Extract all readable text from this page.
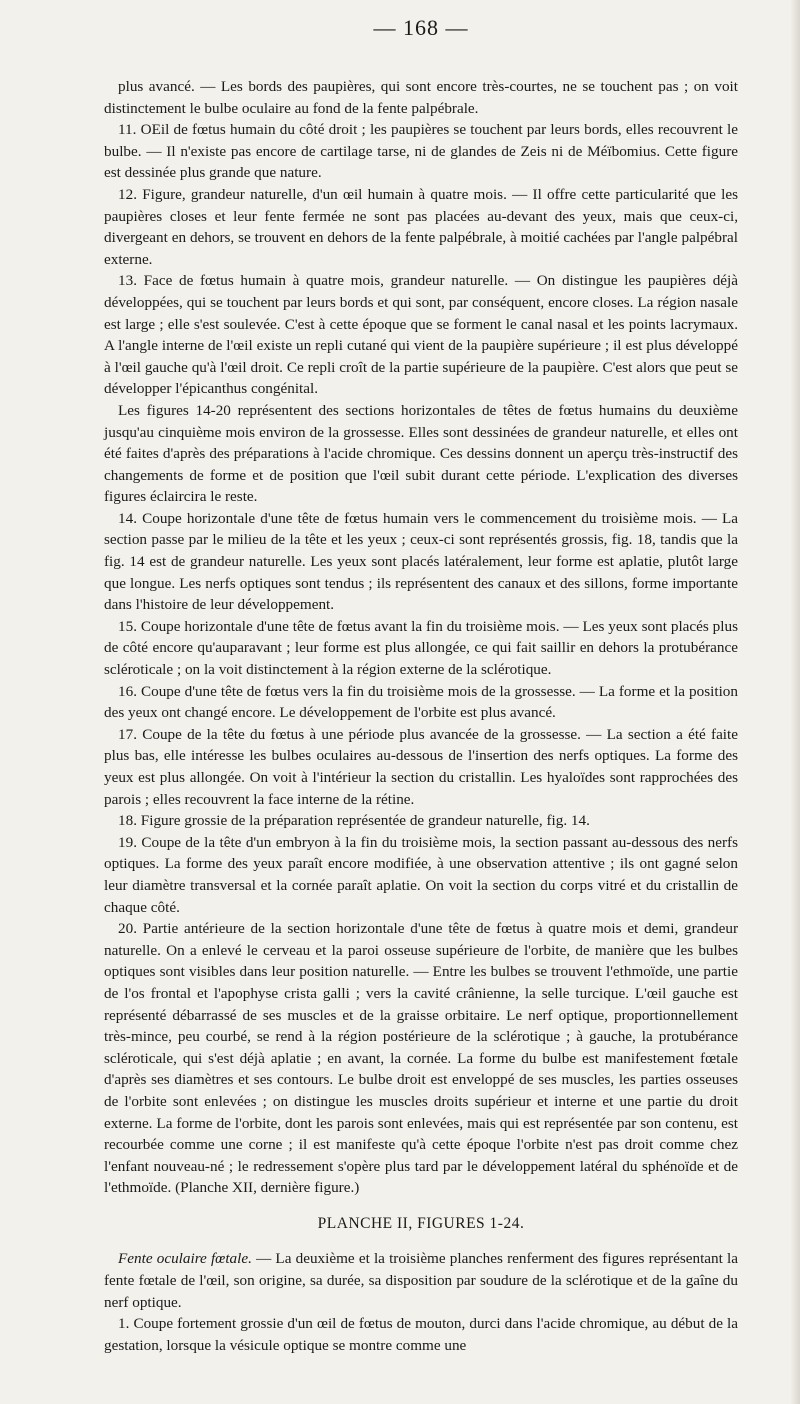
— 168 —

plus avancé. — Les bords des paupières, qui sont encore très-courtes, ne se touchent pas ; on voit distinctement le bulbe oculaire au fond de la fente palpébrale.

11. OEil de fœtus humain du côté droit ; les paupières se touchent par leurs bords, elles recouvrent le bulbe. — Il n'existe pas encore de cartilage tarse, ni de glandes de Zeis ni de Méïbomius. Cette figure est dessinée plus grande que nature.

12. Figure, grandeur naturelle, d'un œil humain à quatre mois. — Il offre cette particularité que les paupières closes et leur fente fermée ne sont pas placées au-devant des yeux, mais que ceux-ci, divergeant en dehors, se trouvent en dehors de la fente palpébrale, à moitié cachées par l'angle palpébral externe.

13. Face de fœtus humain à quatre mois, grandeur naturelle. — On distingue les paupières déjà développées, qui se touchent par leurs bords et qui sont, par conséquent, encore closes. La région nasale est large ; elle s'est soulevée. C'est à cette époque que se forment le canal nasal et les points lacrymaux. A l'angle interne de l'œil existe un repli cutané qui vient de la paupière supérieure ; il est plus développé à l'œil gauche qu'à l'œil droit. Ce repli croît de la partie supérieure de la paupière. C'est alors que peut se développer l'épicanthus congénital.

Les figures 14-20 représentent des sections horizontales de têtes de fœtus humains du deuxième jusqu'au cinquième mois environ de la grossesse. Elles sont dessinées de grandeur naturelle, et elles ont été faites d'après des préparations à l'acide chromique. Ces dessins donnent un aperçu très-instructif des changements de forme et de position que l'œil subit durant cette période. L'explication des diverses figures éclaircira le reste.

14. Coupe horizontale d'une tête de fœtus humain vers le commencement du troisième mois. — La section passe par le milieu de la tête et les yeux ; ceux-ci sont représentés grossis, fig. 18, tandis que la fig. 14 est de grandeur naturelle. Les yeux sont placés latéralement, leur forme est aplatie, plutôt large que longue. Les nerfs optiques sont tendus ; ils représentent des canaux et des sillons, forme importante dans l'histoire de leur développement.

15. Coupe horizontale d'une tête de fœtus avant la fin du troisième mois. — Les yeux sont placés plus de côté encore qu'auparavant ; leur forme est plus allongée, ce qui fait saillir en dehors la protubérance scléroticale ; on la voit distinctement à la région externe de la sclérotique.

16. Coupe d'une tête de fœtus vers la fin du troisième mois de la grossesse. — La forme et la position des yeux ont changé encore. Le développement de l'orbite est plus avancé.

17. Coupe de la tête du fœtus à une période plus avancée de la grossesse. — La section a été faite plus bas, elle intéresse les bulbes oculaires au-dessous de l'insertion des nerfs optiques. La forme des yeux est plus allongée. On voit à l'intérieur la section du cristallin. Les hyaloïdes sont rapprochées des parois ; elles recouvrent la face interne de la rétine.

18. Figure grossie de la préparation représentée de grandeur naturelle, fig. 14.

19. Coupe de la tête d'un embryon à la fin du troisième mois, la section passant au-dessous des nerfs optiques. La forme des yeux paraît encore modifiée, à une observation attentive ; ils ont gagné selon leur diamètre transversal et la cornée paraît aplatie. On voit la section du corps vitré et du cristallin de chaque côté.

20. Partie antérieure de la section horizontale d'une tête de fœtus à quatre mois et demi, grandeur naturelle. On a enlevé le cerveau et la paroi osseuse supérieure de l'orbite, de manière que les bulbes optiques sont visibles dans leur position naturelle. — Entre les bulbes se trouvent l'ethmoïde, une partie de l'os frontal et l'apophyse crista galli ; vers la cavité crânienne, la selle turcique. L'œil gauche est représenté débarrassé de ses muscles et de la graisse orbitaire. Le nerf optique, proportionnellement très-mince, peu courbé, se rend à la région postérieure de la sclérotique ; à gauche, la protubérance scléroticale, qui s'est déjà aplatie ; en avant, la cornée. La forme du bulbe est manifestement fœtale d'après ses diamètres et ses contours. Le bulbe droit est enveloppé de ses muscles, les parties osseuses de l'orbite sont enlevées ; on distingue les muscles droits supérieur et interne et une partie du droit externe. La forme de l'orbite, dont les parois sont enlevées, mais qui est représentée par son contenu, est recourbée comme une corne ; il est manifeste qu'à cette époque l'orbite n'est pas droit comme chez l'enfant nouveau-né ; le redressement s'opère plus tard par le développement latéral du sphénoïde et de l'ethmoïde. (Planche XII, dernière figure.)

PLANCHE II, FIGURES 1-24.

Fente oculaire fœtale. — La deuxième et la troisième planches renferment des figures représentant la fente fœtale de l'œil, son origine, sa durée, sa disposition par soudure de la sclérotique et de la gaîne du nerf optique.

1. Coupe fortement grossie d'un œil de fœtus de mouton, durci dans l'acide chromique, au début de la gestation, lorsque la vésicule optique se montre comme une
